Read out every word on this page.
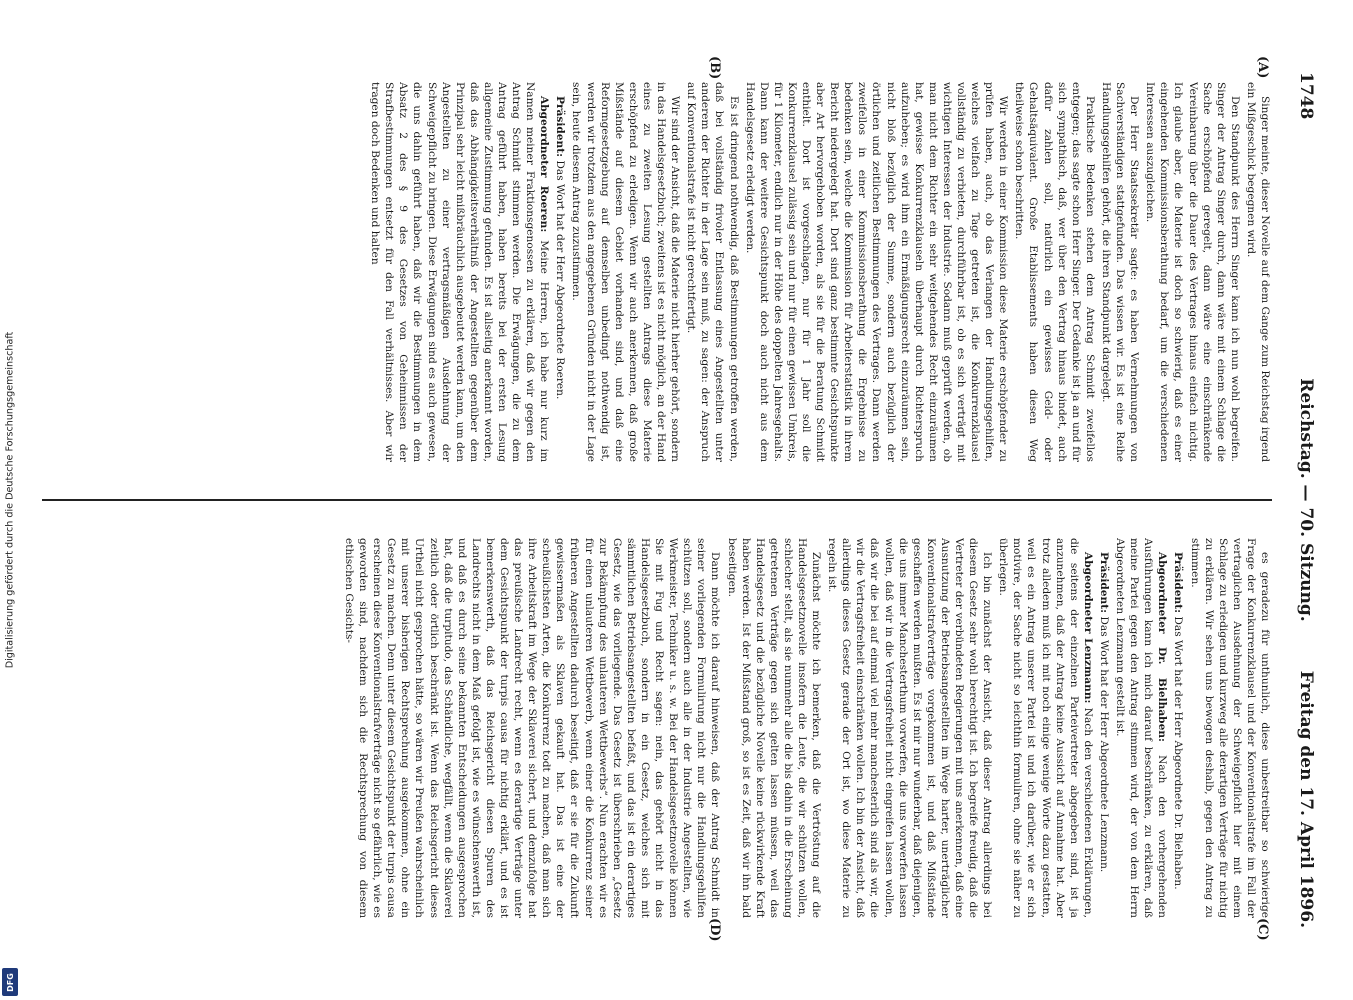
Digitalisierung gefördert durch die Deutsche Forschungsgemeinschaft
DFG
1748
Reichstag. — 70. Sitzung.
Freitag den 17. April 1896.
(A)
(B)
(C)
(D)

Singer meinte, dieser Novelle auf dem Gange zum Reichstag irgend ein Mißgeschick begegnen wird.

Den Standpunkt des Herrn Singer kann ich nun wohl begreifen. Singer der Antrag Singer durch, dann wäre mit einem Schlage die Sache erschöpfend geregelt, dann wäre eine einschränkende Vereinbarung über die Dauer des Vertrages hinaus einfach nichtig. Ich glaube aber, die Materie ist doch so schwierig, daß es einer eingehenden Kommissionsberathung bedarf, um die verschiedenen Interessen auszugleichen.

Der Herr Staatssekretär sagte: es haben Vernehmungen von Sachverständigen stattgefunden. Das wissen wir. Es ist eine Reihe Handlungsgehilfen gehört, die ihren Standpunkt dargelegt.

Praktische Bedenken stehen dem Antrag Schmidt zweifellos entgegen; das sagte schon Herr Singer. Der Gedanke ist ja an und für sich sympathisch, daß, wer über den Vertrag hinaus bindet, auch dafür zahlen soll, natürlich ein gewisses Geld- oder Gehaltsäquivalent. Große Etablissements haben diesen Weg theilweise schon beschritten.

Wir werden in einer Kommission diese Materie erschöpfender zu prüfen haben, auch, ob das Verlangen der Handlungsgehilfen, welches vielfach zu Tage getreten ist, die Konkurrenzklausel vollständig zu verbieten, durchführbar ist, ob es sich verträgt mit wichtigen Interessen der Industrie. Sodann muß geprüft werden, ob man nicht dem Richter ein sehr weitgehendes Recht einzuräumen hat, gewisse Konkurrenzklauseln überhaupt durch Richterspruch aufzuheben; es wird ihm ein Ermäßigungsrecht einzuräumen sein, nicht bloß bezüglich der Summe, sondern auch bezüglich der örtlichen und zeitlichen Bestimmungen des Vertrages. Dann werden zweifellos in einer Kommissionsberathung die Ergebnisse zu bedenken sein, welche die Kommission für Arbeiterstatistik in ihrem Bericht niedergelegt hat. Dort sind ganz bestimmte Gesichtspunkte aber Art hervorgehoben worden, als sie für die Beratung Schmidt enthielt. Dort ist vorgeschlagen, nur für 1 Jahr soll die Konkurrenzklausel zulässig sein und nur für einen gewissen Umkreis, für 1 Kilometer, endlich nur in der Höhe des doppelten Jahresgehalts. Dann kann der weitere Gesichtspunkt doch auch nicht aus dem Handelsgesetz erledigt werden.

Es ist dringend nothwendig, daß Bestimmungen getroffen werden, daß bei vollständig frivoler Entlassung eines Angestellten unter anderem der Richter in der Lage sein muß, zu sagen: der Anspruch auf Konventionalstrafe ist nicht gerechtfertigt.

Wir sind der Ansicht, daß die Materie nicht hierher gehört, sondern in das Handelsgesetzbuch; zweitens ist es nicht möglich, an der Hand eines zu zweiten Lesung gestellten Antrags diese Materie erschöpfend zu erledigen. Wenn wir auch anerkennen, daß große Mißstände auf diesem Gebiet vorhanden sind, und daß eine Reformgesetzgebung auf demselben unbedingt nothwendig ist, werden wir trotzdem aus den angegebenen Gründen nicht in der Lage sein, heute diesem Antrag zuzustimmen.

Präsident: Das Wort hat der Herr Abgeordnete Roeren.

Abgeordneter Roeren: Meine Herren, ich habe nur kurz im Namen meiner Fraktionsgenossen zu erklären, daß wir gegen den Antrag Schmidt stimmen werden. Die Erwägungen, die zu dem Antrag geführt haben, haben bereits bei der ersten Lesung allgemeine Zustimmung gefunden. Es ist allseitig anerkannt worden, daß das Abhängigkeitsverhältniß der Angestellten gegenüber dem Prinzipal sehr leicht mißbräuchlich ausgebeutet werden kann, um den Angestellten zu einer vertragsmäßigen Ausdehnung der Schweigepflicht zu bringen. Diese Erwägungen sind es auch gewesen, die uns dahin geführt haben, daß wir die Bestimmungen in dem Absatz 2 des § 9 des Gesetzes von Geheimnissen der Strafbestimmungen entsetzt für den Fall verhältnisses. Aber wir tragen doch Bedenken und halten

es geradezu für unthunlich, diese unbestreitbar so schwierige Frage der Konkurrenzklausel und der Konventionalstrafe im Fall der vertraglichen Ausdehnung der Schweigepflicht hier mit einem Schlage zu erledigen und kurzweg alle derartigen Verträge für nichtig zu erklären. Wir sehen uns bewogen deshalb, gegen den Antrag zu stimmen.

Präsident: Das Wort hat der Herr Abgeordnete Dr. Bielhaben.

Abgeordneter Dr. Bielhaben: Nach den vorhergehenden Ausführungen kann ich mich darauf beschränken, zu erklären, daß meine Partei gegen den Antrag stimmen wird, der von dem Herrn Abgeordneten Lenzmann gestellt ist.

Präsident: Das Wort hat der Herr Abgeordnete Lenzmann.

Abgeordneter Lenzmann: Nach den verschiedenen Erklärungen, die seitens der einzelnen Parteivertreter abgegeben sind, ist ja anzunehmen, daß der Antrag keine Aussicht auf Annahme hat. Aber trotz alledem muß ich mit noch einige wenige Worte dazu gestatten, weil es ein Antrag unserer Partei ist und ich darüber, wie er sich motivire, der Sache nicht so leichthin formuliren, ohne sie näher zu überlegen.

Ich bin zunächst der Ansicht, daß dieser Antrag allerdings bei diesem Gesetz sehr wohl berechtigt ist. Ich begreife freudig, daß die Vertreter der verbündeten Regierungen mit uns anerkennen, daß eine Ausnutzung der Betriebsangestellten im Wege harter, unerträglicher Konventionalstrafverträge vorgekommen ist, und daß Mißstände geschaffen werden mußten. Es ist mir nur wunderbar, daß diejenigen, die uns immer Manchesterthum vorwerfen, die uns vorwerfen lassen wollen, daß wir in die Vertragsfreiheit nicht eingreifen lassen wollen, daß wir die bei auf einmal viel mehr manchesterlich sind als wir, die wir die Vertragsfreiheit einschränken wollen. Ich bin der Ansicht, daß allerdings dieses Gesetz gerade der Ort ist, wo diese Materie zu regeln ist.

Zunächst möchte ich bemerken, daß die Vertröstung auf die Handelsgesetznovelle insofern die Leute, die wir schützen wollen, schlecher stellt, als sie nummehr alle die bis dahin in die Erscheinung getretenen Verträge gegen sich gelten lassen müssen, weil das Handelsgesetz und die bezügliche Novelle keine rückwirkende Kraft haben werden. Ist der Mißstand groß, so ist es Zeit, daß wir ihn bald beseitigen.

Dann möchte ich darauf hinweisen, daß der Antrag Schmidt in seiner vorliegenden Formulirung nicht nur die Handlungsgehilfen schützen soll, sondern auch alle in der Industrie Angestellten, wie Werkmeister, Techniker u. s. w. Bei der Handelsgesetznovelle können Sie mit Fug und Recht sagen: nein, das gehört nicht in das Handelsgesetzbuch, sondern in ein Gesetz, welches sich mit sämmtlichen Betriebsangestellten befaßt, und das ist ein derartiges Gesetz, wie das vorliegende. Das Gesetz ist überschrieben „Gesetz zur Bekämpfung des unlauteren Wettbewerbs“. Nun erachten wir es für einen unlauteren Wettbewerb, wenn einer die Konkurrenz seiner früheren Angestellten dadurch beseitigt, daß er sie für die Zukunft gewissermaßen als Sklaven gekauft hat. Das ist eine der scheußlichsten Arten, die Konkurrenz todt zu machen, daß man sich ihre Arbeitskraft im Wege der Sklaverei sichert, und demzufolge hat das preußische Landrecht recht, wenn es derartige Verträge unter dem Gesichtspunkt der turpis causa für nichtig erklärt, und es ist bemerkenswerth, daß das Reichsgericht diesen Spuren des Landrechts nicht in dem Maß gefolgt ist, wie es wünschenswerth ist, und daß es durch seine bekannten Entscheidungen ausgesprochen hat, daß die turpitudo, das Schändliche, wegfällt, wenn die Sklaverei zeitlich oder örtlich beschränkt ist. Wenn das Reichsgericht dieses Urtheil nicht gesprochen hätte, so wären wir Preußen wahrscheinlich mit unserer bisherigen Rechtsprechung ausgekommen, ohne ein Gesetz zu machen. Denn unter diesem Gesichtspunkt der turpis causa erscheinen diese Konventionalstrafverträge nicht so gefährlich, wie es geworden sind, nachdem sich die Rechtsprechung von diesem ethischen Gesichts-
